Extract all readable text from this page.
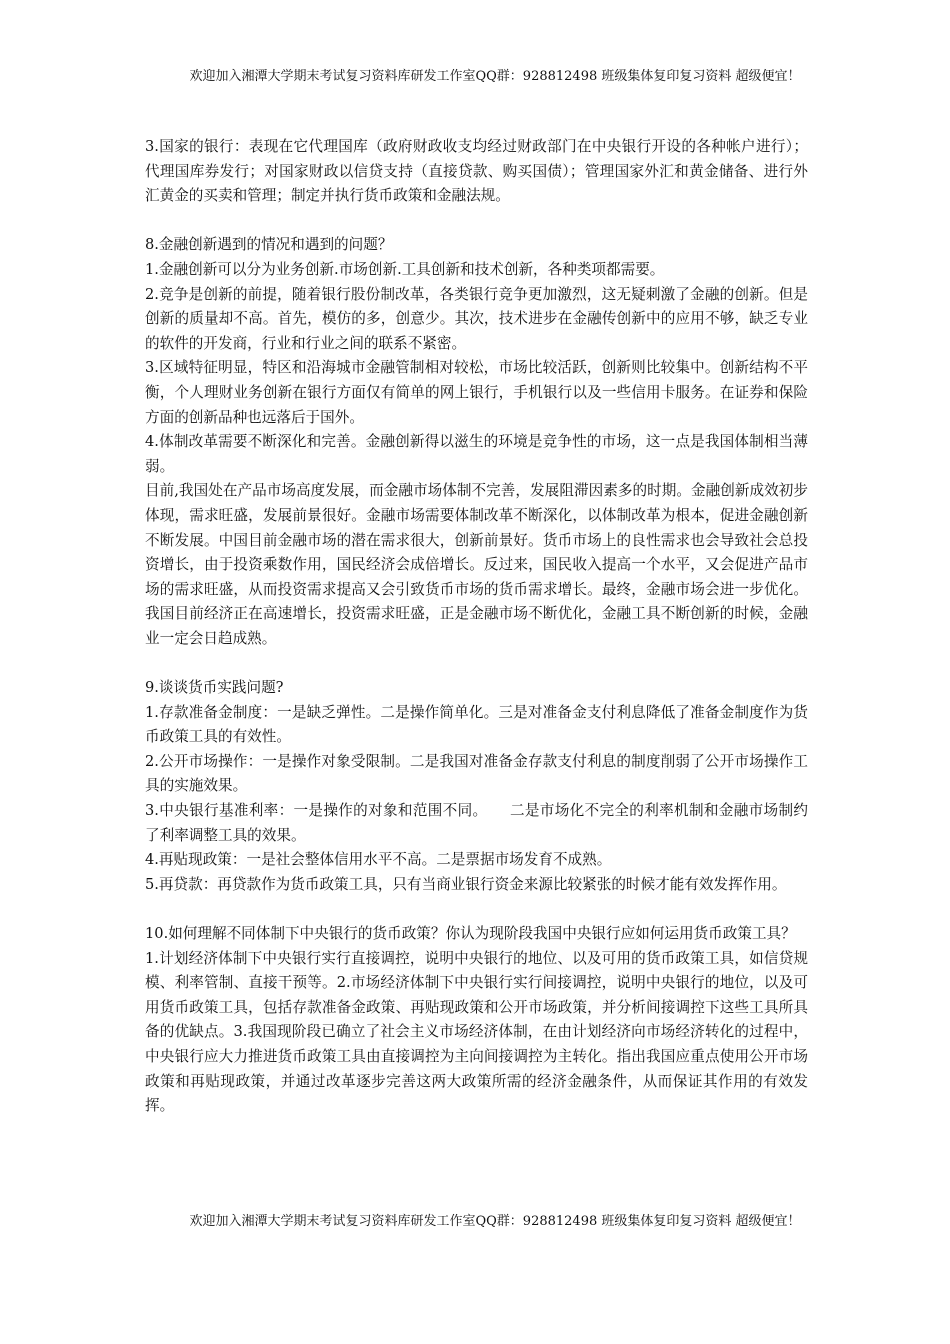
欢迎加入湘潭大学期末考试复习资料库研发工作室QQ群：928812498 班级集体复印复习资料 超级便宜！

3.国家的银行：表现在它代理国库（政府财政收支均经过财政部门在中央银行开设的各种帐户进行）；代理国库券发行；对国家财政以信贷支持（直接贷款、购买国债）；管理国家外汇和黄金储备、进行外汇黄金的买卖和管理；制定并执行货币政策和金融法规。

8.金融创新遇到的情况和遇到的问题？

1.金融创新可以分为业务创新.市场创新.工具创新和技术创新，各种类项都需要。

2.竞争是创新的前提，随着银行股份制改革，各类银行竞争更加激烈，这无疑刺激了金融的创新。但是创新的质量却不高。首先，模仿的多，创意少。其次，技术进步在金融传创新中的应用不够，缺乏专业的软件的开发商，行业和行业之间的联系不紧密。

3.区域特征明显，特区和沿海城市金融管制相对较松，市场比较活跃，创新则比较集中。创新结构不平衡，个人理财业务创新在银行方面仅有简单的网上银行，手机银行以及一些信用卡服务。在证券和保险方面的创新品种也远落后于国外。

4.体制改革需要不断深化和完善。金融创新得以滋生的环境是竞争性的市场，这一点是我国体制相当薄弱。

目前,我国处在产品市场高度发展，而金融市场体制不完善，发展阻滞因素多的时期。金融创新成效初步体现，需求旺盛，发展前景很好。金融市场需要体制改革不断深化，以体制改革为根本，促进金融创新不断发展。中国目前金融市场的潜在需求很大，创新前景好。货币市场上的良性需求也会导致社会总投资增长，由于投资乘数作用，国民经济会成倍增长。反过来，国民收入提高一个水平，又会促进产品市场的需求旺盛，从而投资需求提高又会引致货币市场的货币需求增长。最终，金融市场会进一步优化。我国目前经济正在高速增长，投资需求旺盛，正是金融市场不断优化，金融工具不断创新的时候，金融业一定会日趋成熟。

9.谈谈货币实践问题?

1.存款准备金制度：一是缺乏弹性。二是操作简单化。三是对准备金支付利息降低了准备金制度作为货币政策工具的有效性。

2.公开市场操作：一是操作对象受限制。二是我国对准备金存款支付利息的制度削弱了公开市场操作工具的实施效果。

3.中央银行基准利率：一是操作的对象和范围不同。　　二是市场化不完全的利率机制和金融市场制约了利率调整工具的效果。

4.再贴现政策：一是社会整体信用水平不高。二是票据市场发育不成熟。

5.再贷款：再贷款作为货币政策工具，只有当商业银行资金来源比较紧张的时候才能有效发挥作用。

10.如何理解不同体制下中央银行的货币政策？你认为现阶段我国中央银行应如何运用货币政策工具？

1.计划经济体制下中央银行实行直接调控，说明中央银行的地位、以及可用的货币政策工具，如信贷规模、利率管制、直接干预等。2.市场经济体制下中央银行实行间接调控，说明中央银行的地位，以及可用货币政策工具，包括存款准备金政策、再贴现政策和公开市场政策，并分析间接调控下这些工具所具备的优缺点。3.我国现阶段已确立了社会主义市场经济体制，在由计划经济向市场经济转化的过程中，中央银行应大力推进货币政策工具由直接调控为主向间接调控为主转化。指出我国应重点使用公开市场政策和再贴现政策，并通过改革逐步完善这两大政策所需的经济金融条件，从而保证其作用的有效发挥。

欢迎加入湘潭大学期末考试复习资料库研发工作室QQ群：928812498 班级集体复印复习资料 超级便宜！
